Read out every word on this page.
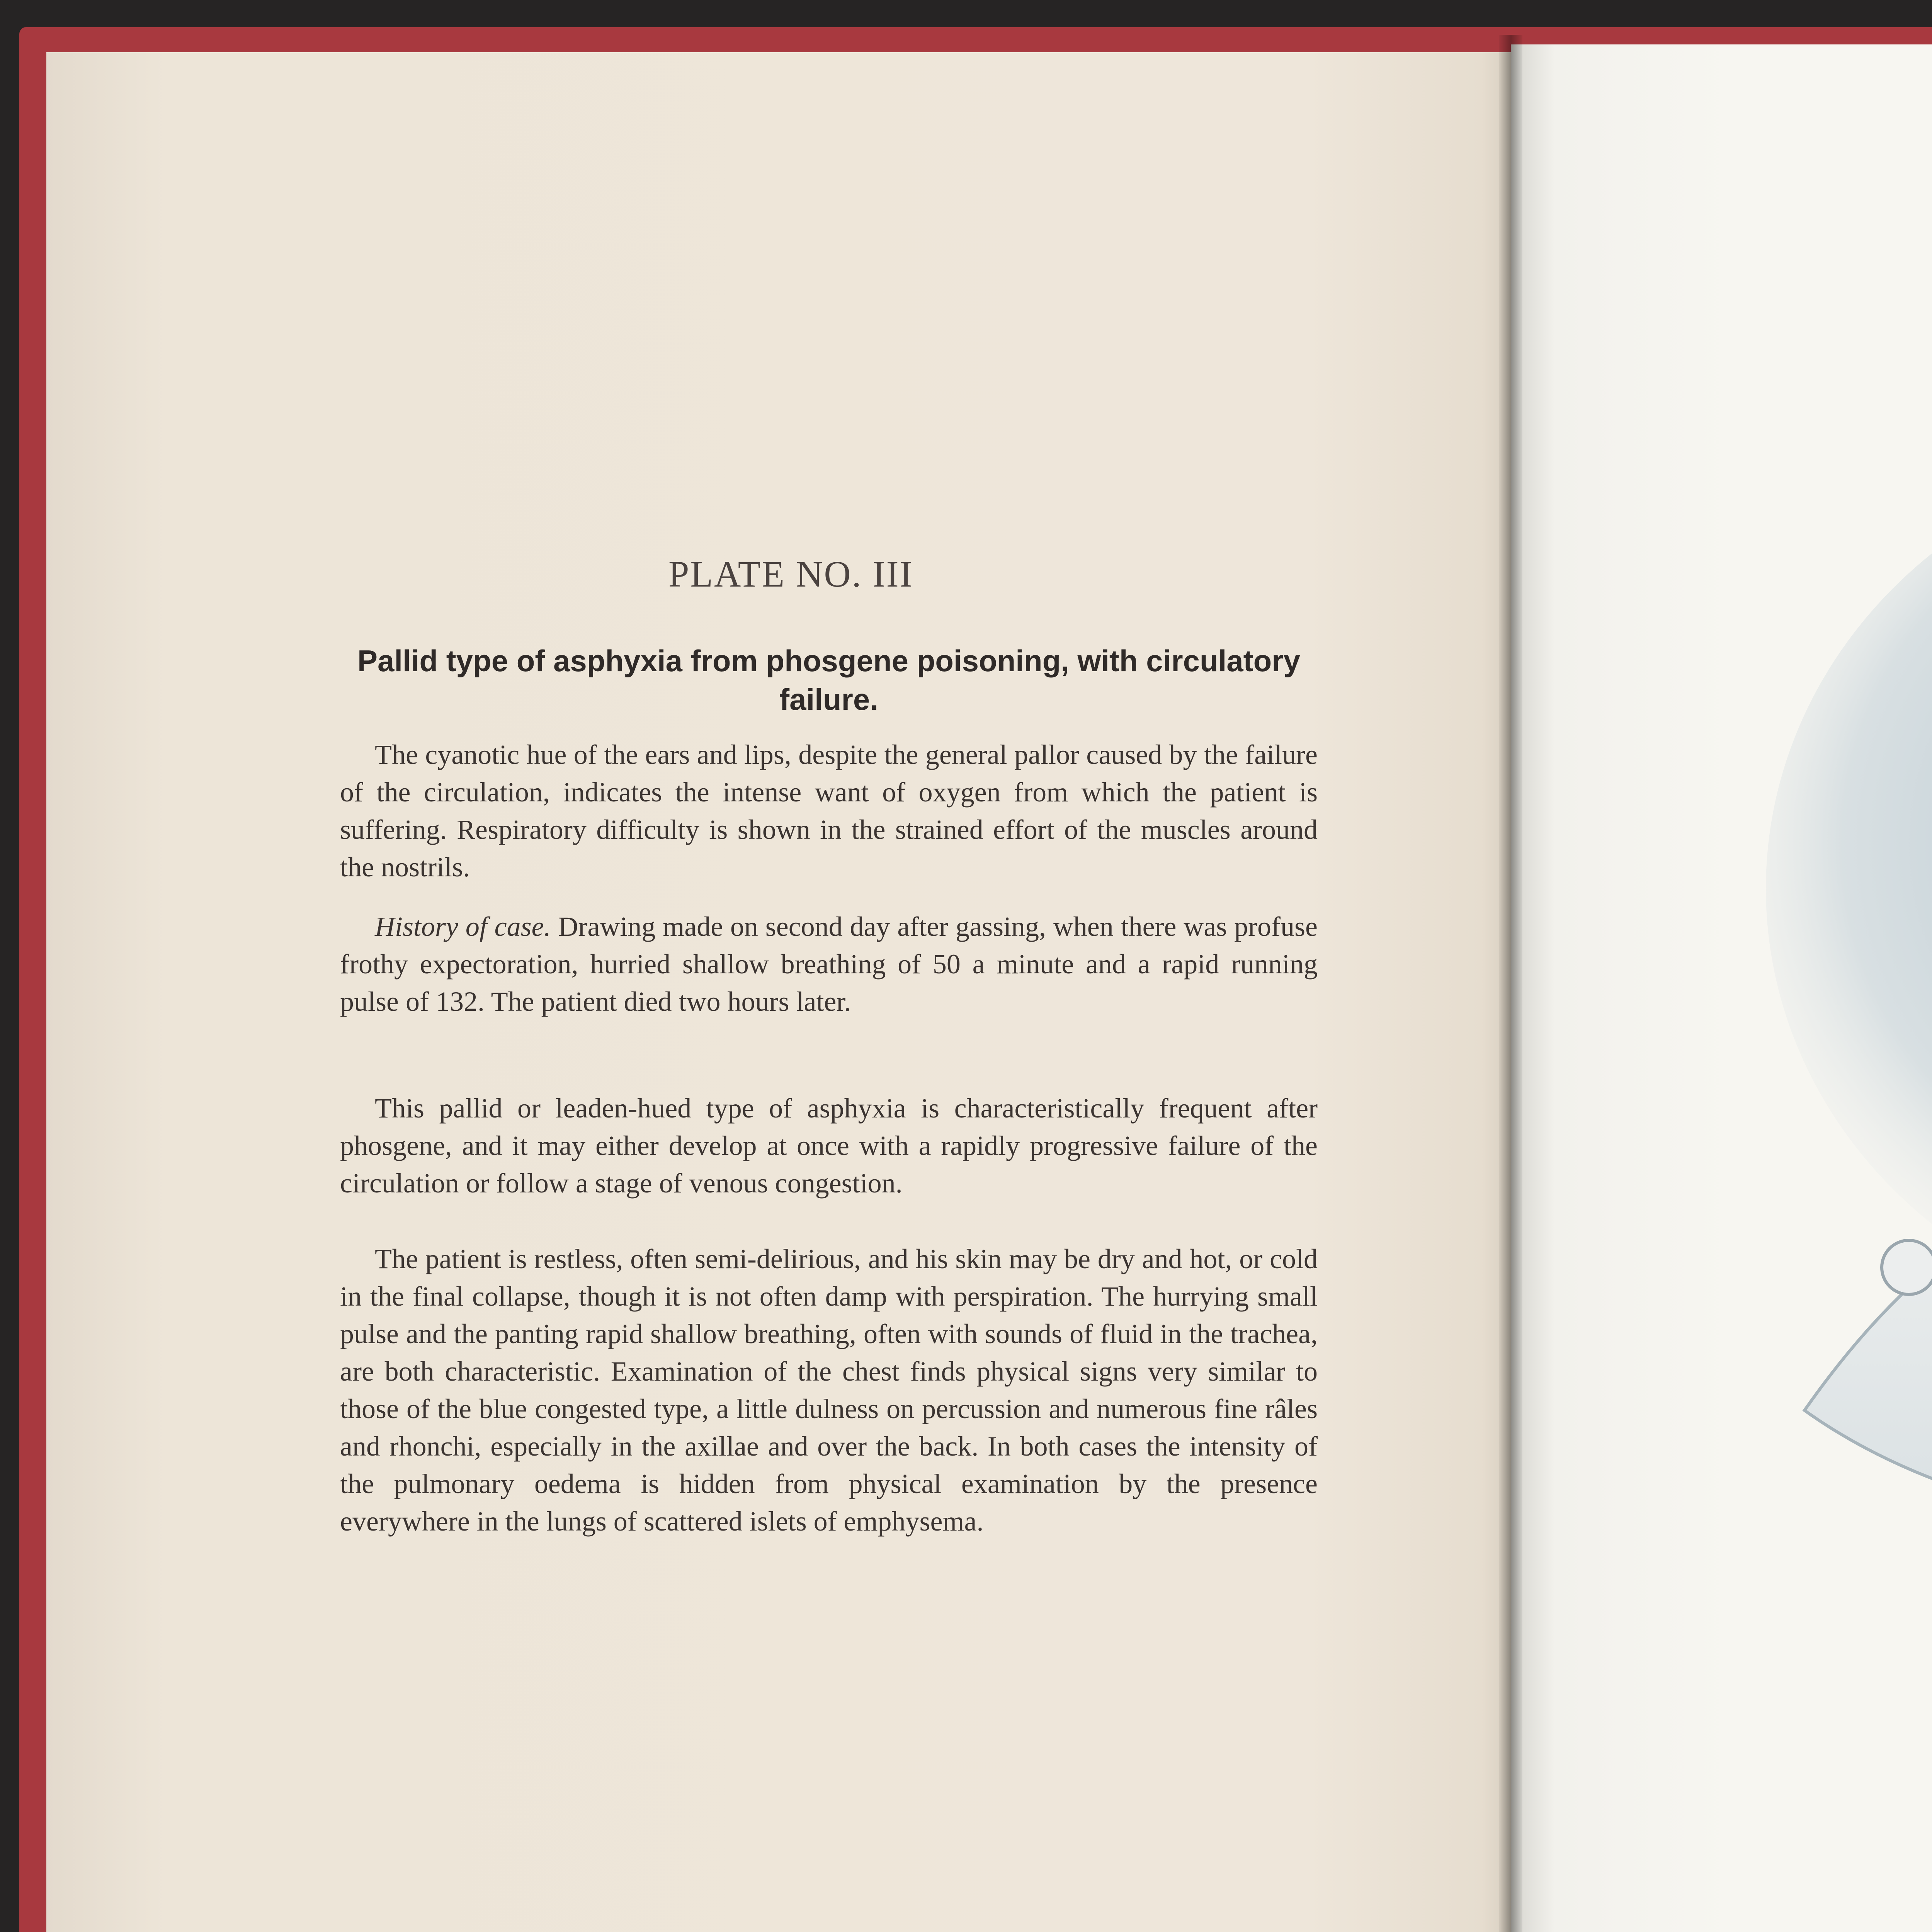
PLATE NO. III
Pallid type of asphyxia from phosgene poisoning, with circulatory failure.
The cyanotic hue of the ears and lips, despite the general pallor caused by the failure of the circulation, indicates the intense want of oxygen from which the patient is suffering. Respiratory difficulty is shown in the strained effort of the muscles around the nostrils.
History of case. Drawing made on second day after gassing, when there was profuse frothy expectoration, hurried shallow breathing of 50 a minute and a rapid running pulse of 132. The patient died two hours later.
This pallid or leaden-hued type of asphyxia is characteristically frequent after phosgene, and it may either develop at once with a rapidly progressive failure of the circulation or follow a stage of venous congestion.
The patient is restless, often semi-delirious, and his skin may be dry and hot, or cold in the final collapse, though it is not often damp with perspiration. The hurrying small pulse and the panting rapid shallow breathing, often with sounds of fluid in the trachea, are both characteristic. Examination of the chest finds physical signs very similar to those of the blue congested type, a little dulness on percussion and numerous fine râles and rhonchi, especially in the axillae and over the back. In both cases the intensity of the pulmonary oedema is hidden from physical examination by the presence everywhere in the lungs of scattered islets of emphysema.
